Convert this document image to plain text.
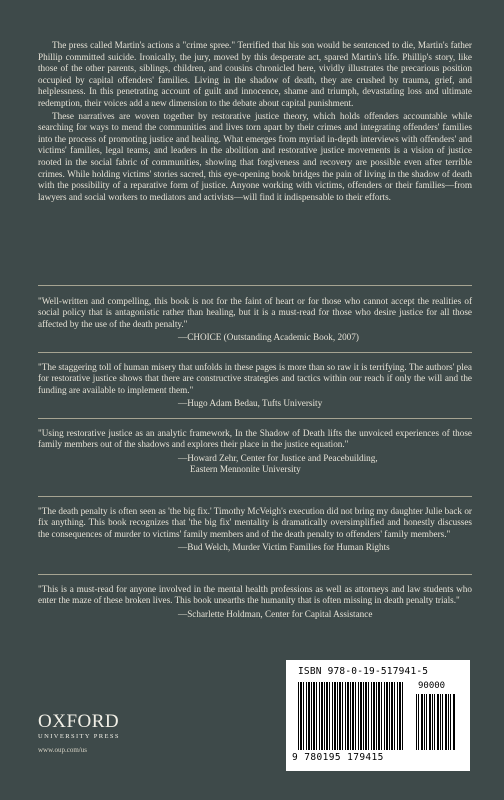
The press called Martin's actions a "crime spree." Terrified that his son would be sentenced to die, Martin's father Phillip committed suicide. Ironically, the jury, moved by this desperate act, spared Martin's life. Phillip's story, like those of the other parents, siblings, children, and cousins chronicled here, vividly illustrates the precarious position occupied by capital offenders' families. Living in the shadow of death, they are crushed by trauma, grief, and helplessness. In this penetrating account of guilt and innocence, shame and triumph, devastating loss and ultimate redemption, their voices add a new dimension to the debate about capital punishment.

These narratives are woven together by restorative justice theory, which holds offenders accountable while searching for ways to mend the communities and lives torn apart by their crimes and integrating offenders' families into the process of promoting justice and healing. What emerges from myriad in-depth interviews with offenders' and victims' families, legal teams, and leaders in the abolition and restorative justice movements is a vision of justice rooted in the social fabric of communities, showing that forgiveness and recovery are possible even after terrible crimes. While holding victims' stories sacred, this eye-opening book bridges the pain of living in the shadow of death with the possibility of a reparative form of justice. Anyone working with victims, offenders or their families—from lawyers and social workers to mediators and activists—will find it indispensable to their efforts.

"Well-written and compelling, this book is not for the faint of heart or for those who cannot accept the realities of social policy that is antagonistic rather than healing, but it is a must-read for those who desire justice for all those affected by the use of the death penalty."

—CHOICE (Outstanding Academic Book, 2007)

"The staggering toll of human misery that unfolds in these pages is more than so raw it is terrifying. The authors' plea for restorative justice shows that there are constructive strategies and tactics within our reach if only the will and the funding are available to implement them."

—Hugo Adam Bedau, Tufts University

"Using restorative justice as an analytic framework, In the Shadow of Death lifts the unvoiced experiences of those family members out of the shadows and explores their place in the justice equation."

—Howard Zehr, Center for Justice and Peacebuilding,

Eastern Mennonite University

"The death penalty is often seen as 'the big fix.' Timothy McVeigh's execution did not bring my daughter Julie back or fix anything. This book recognizes that 'the big fix' mentality is dramatically oversimplified and honestly discusses the consequences of murder to victims' family members and of the death penalty to offenders' family members."

—Bud Welch, Murder Victim Families for Human Rights

"This is a must-read for anyone involved in the mental health professions as well as attorneys and law students who enter the maze of these broken lives. This book unearths the humanity that is often missing in death penalty trials."

—Scharlette Holdman, Center for Capital Assistance

OXFORD
UNIVERSITY PRESS
www.oup.com/us
ISBN 978-0-19-517941-5
90000
9 780195 179415
